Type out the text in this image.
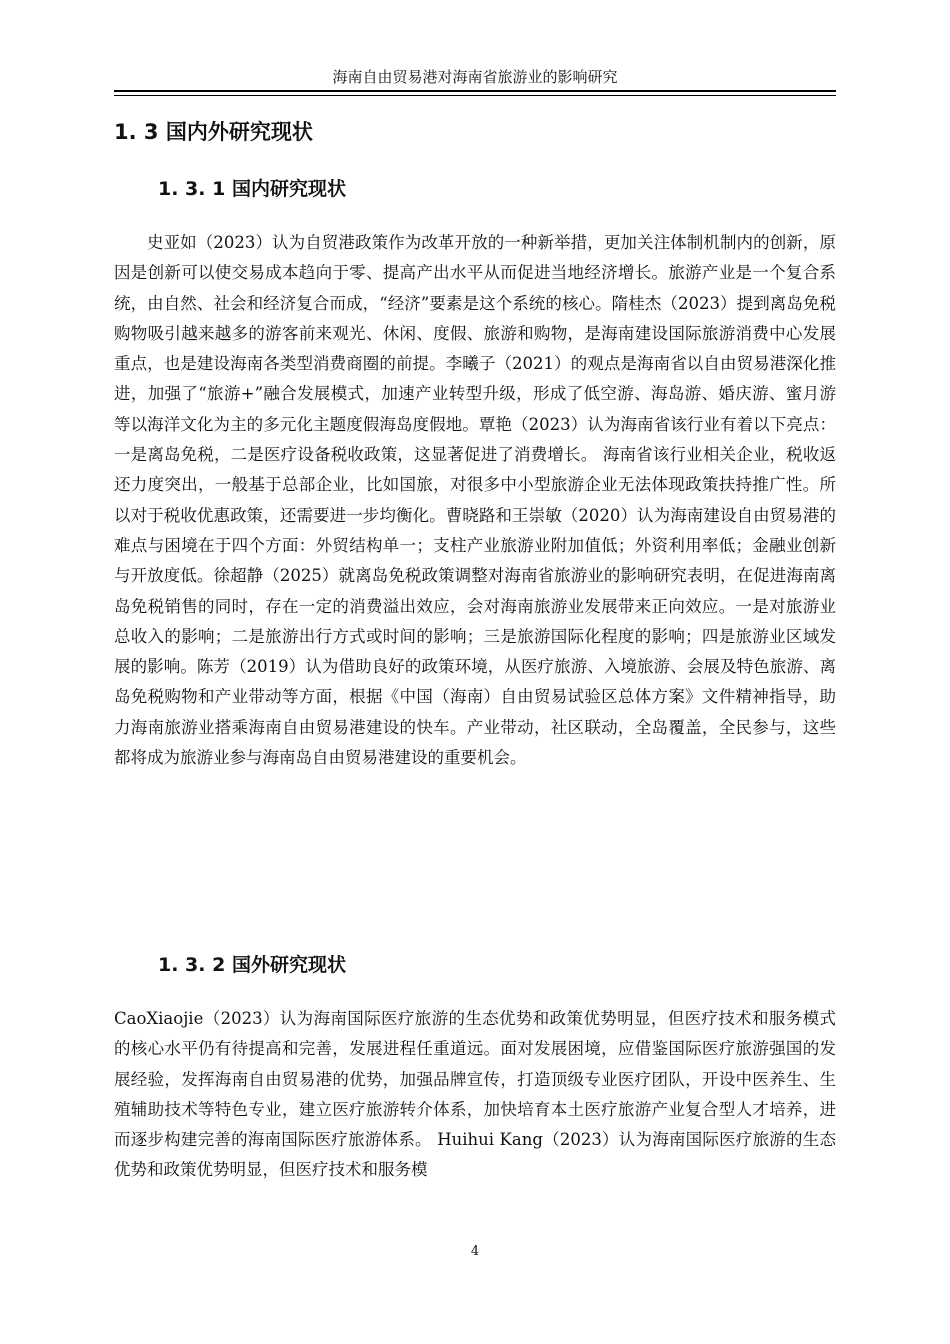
海南自由贸易港对海南省旅游业的影响研究
1. 3 国内外研究现状
1. 3. 1 国内研究现状

史亚如（2023）认为自贸港政策作为改革开放的一种新举措，更加关注体制机制内的创新，原因是创新可以使交易成本趋向于零、提高产出水平从而促进当地经济增长。旅游产业是一个复合系统，由自然、社会和经济复合而成，“经济”要素是这个系统的核心。隋桂杰（2023）提到离岛免税购物吸引越来越多的游客前来观光、休闲、度假、旅游和购物，是海南建设国际旅游消费中心发展重点，也是建设海南各类型消费商圈的前提。李曦子（2021）的观点是海南省以自由贸易港深化推进，加强了“旅游+”融合发展模式，加速产业转型升级，形成了低空游、海岛游、婚庆游、蜜月游等以海洋文化为主的多元化主题度假海岛度假地。覃艳（2023）认为海南省该行业有着以下亮点：一是离岛免税，二是医疗设备税收政策，这显著促进了消费增长。 海南省该行业相关企业，税收返还力度突出，一般基于总部企业，比如国旅，对很多中小型旅游企业无法体现政策扶持推广性。所以对于税收优惠政策，还需要进一步均衡化。曹晓路和王崇敏（2020）认为海南建设自由贸易港的难点与困境在于四个方面：外贸结构单一；支柱产业旅游业附加值低；外资利用率低；金融业创新与开放度低。徐超静（2025）就离岛免税政策调整对海南省旅游业的影响研究表明，在促进海南离岛免税销售的同时，存在一定的消费溢出效应，会对海南旅游业发展带来正向效应。一是对旅游业总收入的影响；二是旅游出行方式或时间的影响；三是旅游国际化程度的影响；四是旅游业区域发展的影响。陈芳（2019）认为借助良好的政策环境，从医疗旅游、入境旅游、会展及特色旅游、离岛免税购物和产业带动等方面，根据《中国（海南）自由贸易试验区总体方案》文件精神指导，助力海南旅游业搭乘海南自由贸易港建设的快车。产业带动，社区联动，全岛覆盖，全民参与，这些都将成为旅游业参与海南岛自由贸易港建设的重要机会。

1. 3. 2 国外研究现状

CaoXiaojie（2023）认为海南国际医疗旅游的生态优势和政策优势明显，但医疗技术和服务模式的核心水平仍有待提高和完善，发展进程任重道远。面对发展困境，应借鉴国际医疗旅游强国的发展经验，发挥海南自由贸易港的优势，加强品牌宣传，打造顶级专业医疗团队，开设中医养生、生殖辅助技术等特色专业，建立医疗旅游转介体系，加快培育本土医疗旅游产业复合型人才培养，进而逐步构建完善的海南国际医疗旅游体系。 Huihui Kang（2023）认为海南国际医疗旅游的生态优势和政策优势明显，但医疗技术和服务模

4
